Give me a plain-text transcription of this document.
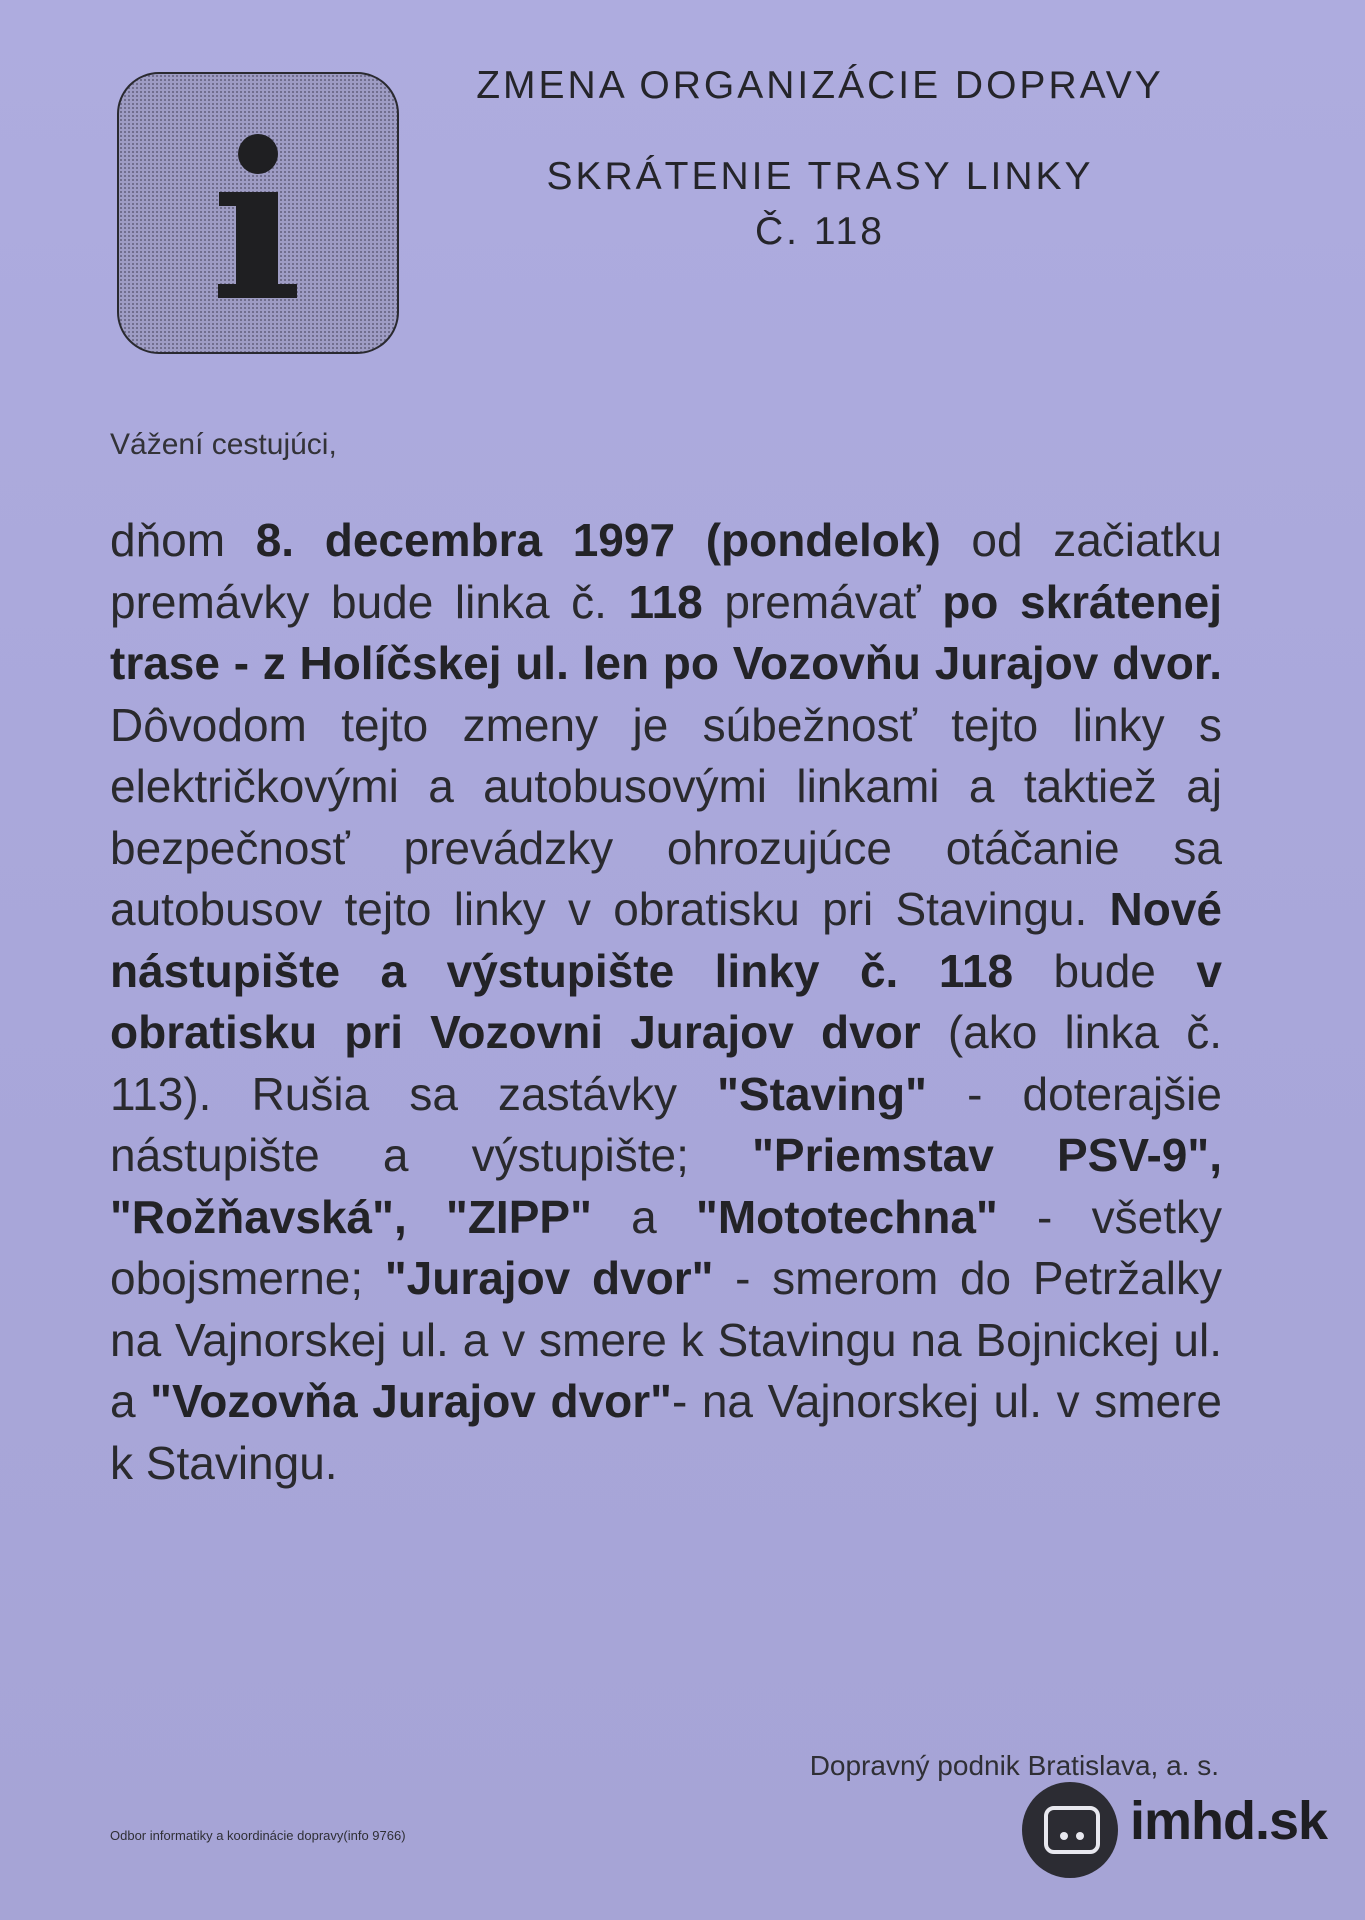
ZMENA ORGANIZÁCIE DOPRAVY
SKRÁTENIE TRASY LINKY
Č. 118
Vážení cestujúci,
dňom 8. decembra 1997 (pondelok) od začiatku premávky bude linka č. 118 premávať po skrátenej trase - z Holíčskej ul. len po Vozovňu Jurajov dvor. Dôvodom tejto zmeny je súbežnosť tejto linky s električkovými a autobusovými linkami a taktiež aj bezpečnosť prevádzky ohrozujúce otáčanie sa autobusov tejto linky v obratisku pri Stavingu. Nové nástupište a výstupište linky č. 118 bude v obratisku pri Vozovni Jurajov dvor (ako linka č. 113). Rušia sa zastávky "Staving" - doterajšie nástupište a výstupište; "Priemstav PSV-9", "Rožňavská", "ZIPP" a "Mototechna" - všetky obojsmerne; "Jurajov dvor" - smerom do Petržalky na Vajnorskej ul. a v smere k Stavingu na Bojnickej ul. a "Vozovňa Jurajov dvor"- na Vajnorskej ul. v smere k Stavingu.
Dopravný podnik Bratislava, a. s.
Odbor informatiky a koordinácie dopravy(info 9766)	imhd.sk
